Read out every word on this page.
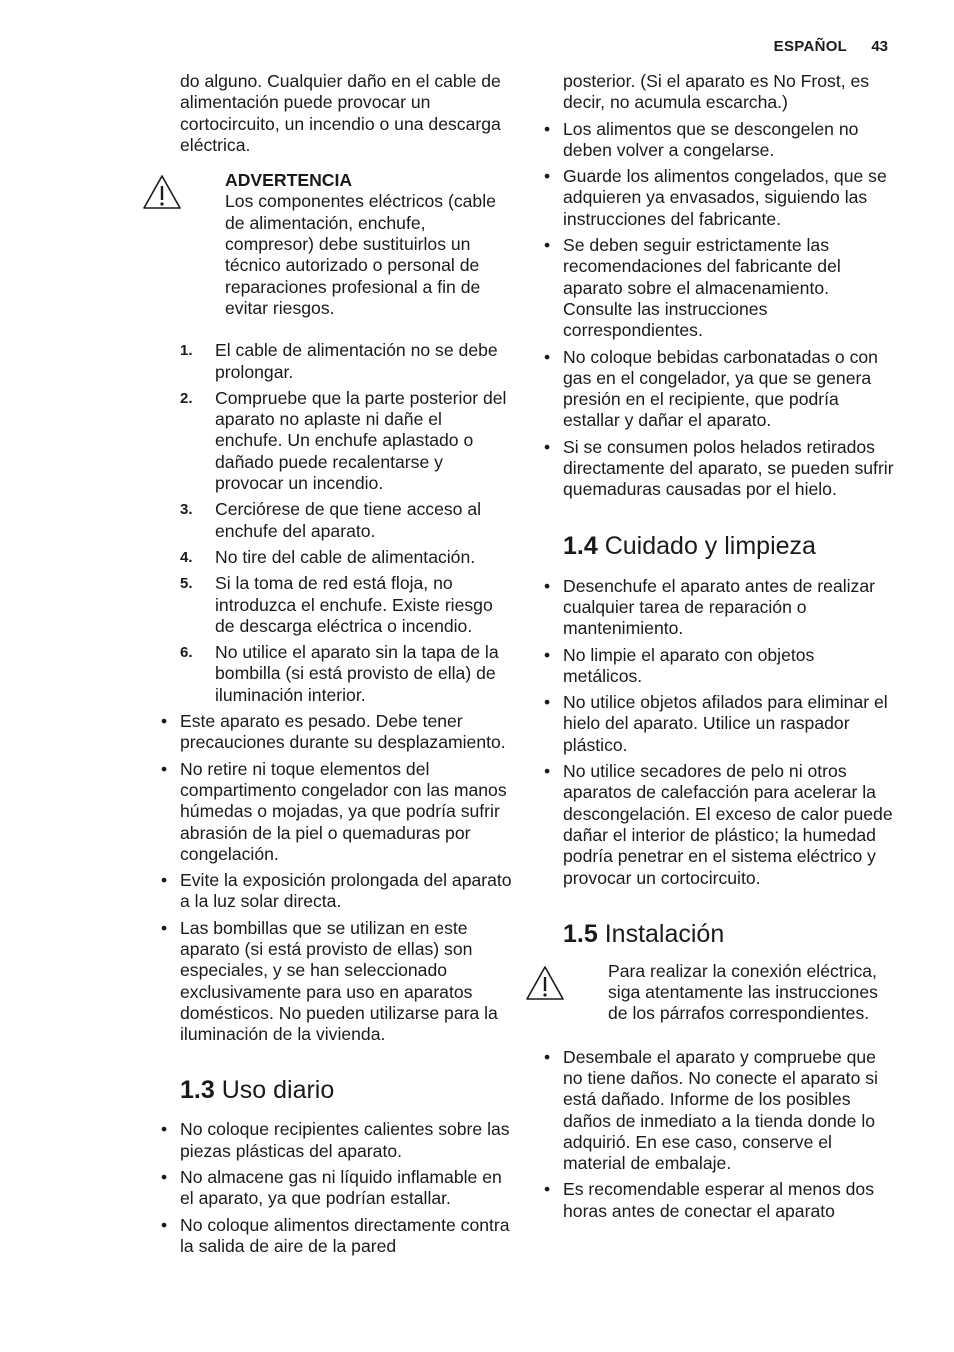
ESPAÑOL 43

do alguno. Cualquier daño en el cable de alimentación puede provocar un cortocircuito, un incendio o una descarga eléctrica.

ADVERTENCIA

Los componentes eléctricos (cable de alimentación, enchufe, compresor) debe sustituirlos un técnico autorizado o personal de reparaciones profesional a fin de evitar riesgos.

1. El cable de alimentación no se debe prolongar.
2. Compruebe que la parte posterior del aparato no aplaste ni dañe el enchufe. Un enchufe aplastado o dañado puede recalentarse y provocar un incendio.
3. Cerciórese de que tiene acceso al enchufe del aparato.
4. No tire del cable de alimentación.
5. Si la toma de red está floja, no introduzca el enchufe. Existe riesgo de descarga eléctrica o incendio.
6. No utilice el aparato sin la tapa de la bombilla (si está provisto de ella) de iluminación interior.
• Este aparato es pesado. Debe tener precauciones durante su desplazamiento.
• No retire ni toque elementos del compartimento congelador con las manos húmedas o mojadas, ya que podría sufrir abrasión de la piel o quemaduras por congelación.
• Evite la exposición prolongada del aparato a la luz solar directa.
• Las bombillas que se utilizan en este aparato (si está provisto de ellas) son especiales, y se han seleccionado exclusivamente para uso en aparatos domésticos. No pueden utilizarse para la iluminación de la vivienda.
1.3 Uso diario
• No coloque recipientes calientes sobre las piezas plásticas del aparato.
• No almacene gas ni líquido inflamable en el aparato, ya que podrían estallar.
• No coloque alimentos directamente contra la salida de aire de la pared

posterior. (Si el aparato es No Frost, es decir, no acumula escarcha.)

• Los alimentos que se descongelen no deben volver a congelarse.
• Guarde los alimentos congelados, que se adquieren ya envasados, siguiendo las instrucciones del fabricante.
• Se deben seguir estrictamente las recomendaciones del fabricante del aparato sobre el almacenamiento. Consulte las instrucciones correspondientes.
• No coloque bebidas carbonatadas o con gas en el congelador, ya que se genera presión en el recipiente, que podría estallar y dañar el aparato.
• Si se consumen polos helados retirados directamente del aparato, se pueden sufrir quemaduras causadas por el hielo.
1.4 Cuidado y limpieza
• Desenchufe el aparato antes de realizar cualquier tarea de reparación o mantenimiento.
• No limpie el aparato con objetos metálicos.
• No utilice objetos afilados para eliminar el hielo del aparato. Utilice un raspador plástico.
• No utilice secadores de pelo ni otros aparatos de calefacción para acelerar la descongelación. El exceso de calor puede dañar el interior de plástico; la humedad podría penetrar en el sistema eléctrico y provocar un cortocircuito.
1.5 Instalación

Para realizar la conexión eléctrica, siga atentamente las instrucciones de los párrafos correspondientes.

• Desembale el aparato y compruebe que no tiene daños. No conecte el aparato si está dañado. Informe de los posibles daños de inmediato a la tienda donde lo adquirió. En ese caso, conserve el material de embalaje.
• Es recomendable esperar al menos dos horas antes de conectar el aparato
